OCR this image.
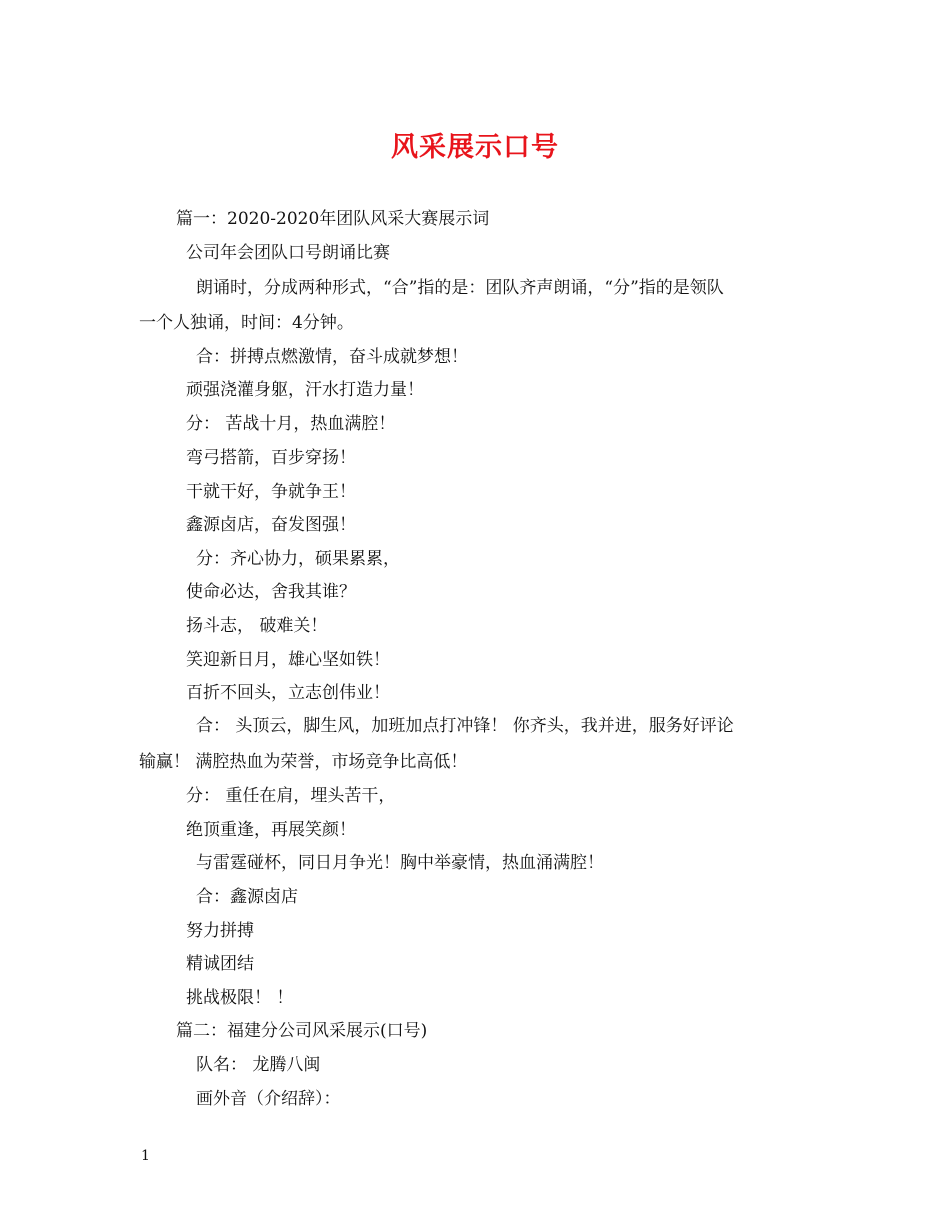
风采展示口号
篇一：2020-2020年团队风采大赛展示词
公司年会团队口号朗诵比赛
朗诵时，分成两种形式，“合”指的是：团队齐声朗诵，“分”指的是领队
一个人独诵，时间：4分钟。
合：拼搏点燃激情，奋斗成就梦想！
顽强浇灌身躯，汗水打造力量！
分： 苦战十月，热血满腔！
弯弓搭箭，百步穿扬！
干就干好，争就争王！
鑫源卤店，奋发图强！
分：齐心协力，硕果累累，
使命必达，舍我其谁？
扬斗志， 破难关！
笑迎新日月，雄心坚如铁！
百折不回头，立志创伟业！
合： 头顶云，脚生风，加班加点打冲锋！ 你齐头，我并进，服务好评论
输赢！ 满腔热血为荣誉，市场竞争比高低！
分： 重任在肩，埋头苦干，
绝顶重逢，再展笑颜！
与雷霆碰杯，同日月争光！胸中举豪情，热血涌满腔！
合：鑫源卤店
努力拼搏
精诚团结
挑战极限！ ！
篇二：福建分公司风采展示(口号)
队名： 龙腾八闽
画外音（介绍辞）：
1
